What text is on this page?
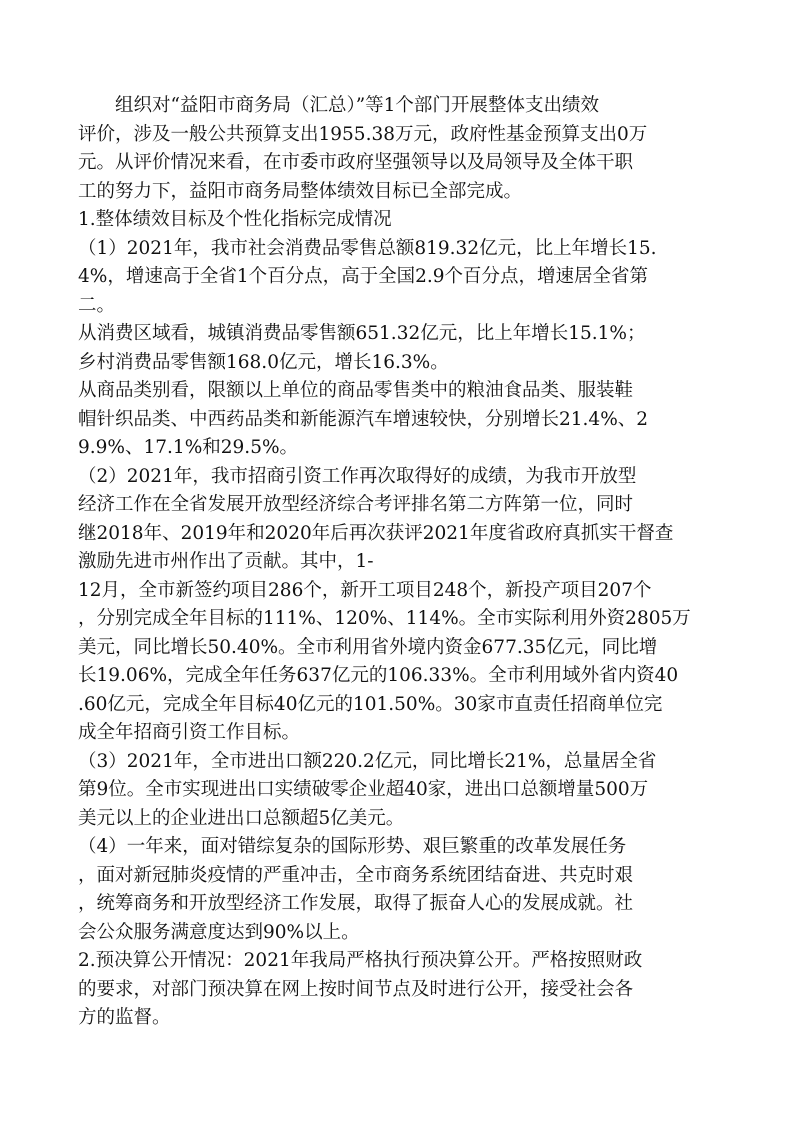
组织对“益阳市商务局（汇总）”等1个部门开展整体支出绩效
评价，涉及一般公共预算支出1955.38万元，政府性基金预算支出0万
元。从评价情况来看，在市委市政府坚强领导以及局领导及全体干职
工的努力下，益阳市商务局整体绩效目标已全部完成。

1.整体绩效目标及个性化指标完成情况

（1）2021年，我市社会消费品零售总额819.32亿元，比上年增长15.
4%，增速高于全省1个百分点，高于全国2.9个百分点，增速居全省第
二。

从消费区域看，城镇消费品零售额651.32亿元，比上年增长15.1%；
乡村消费品零售额168.0亿元，增长16.3%。

从商品类别看，限额以上单位的商品零售类中的粮油食品类、服装鞋
帽针织品类、中西药品类和新能源汽车增速较快，分别增长21.4%、2
9.9%、17.1%和29.5%。

（2）2021年，我市招商引资工作再次取得好的成绩，为我市开放型
经济工作在全省发展开放型经济综合考评排名第二方阵第一位，同时
继2018年、2019年和2020年后再次获评2021年度省政府真抓实干督查
激励先进市州作出了贡献。其中，1-
12月，全市新签约项目286个，新开工项目248个，新投产项目207个
，分别完成全年目标的111%、120%、114%。全市实际利用外资2805万
美元，同比增长50.40%。全市利用省外境内资金677.35亿元，同比增
长19.06%，完成全年任务637亿元的106.33%。全市利用域外省内资40
.60亿元，完成全年目标40亿元的101.50%。30家市直责任招商单位完
成全年招商引资工作目标。

（3）2021年，全市进出口额220.2亿元，同比增长21%，总量居全省
第9位。全市实现进出口实绩破零企业超40家，进出口总额增量500万
美元以上的企业进出口总额超5亿美元。

（4）一年来，面对错综复杂的国际形势、艰巨繁重的改革发展任务
，面对新冠肺炎疫情的严重冲击，全市商务系统团结奋进、共克时艰
，统筹商务和开放型经济工作发展，取得了振奋人心的发展成就。社
会公众服务满意度达到90%以上。

2.预决算公开情况：2021年我局严格执行预决算公开。严格按照财政
的要求，对部门预决算在网上按时间节点及时进行公开，接受社会各
方的监督。
